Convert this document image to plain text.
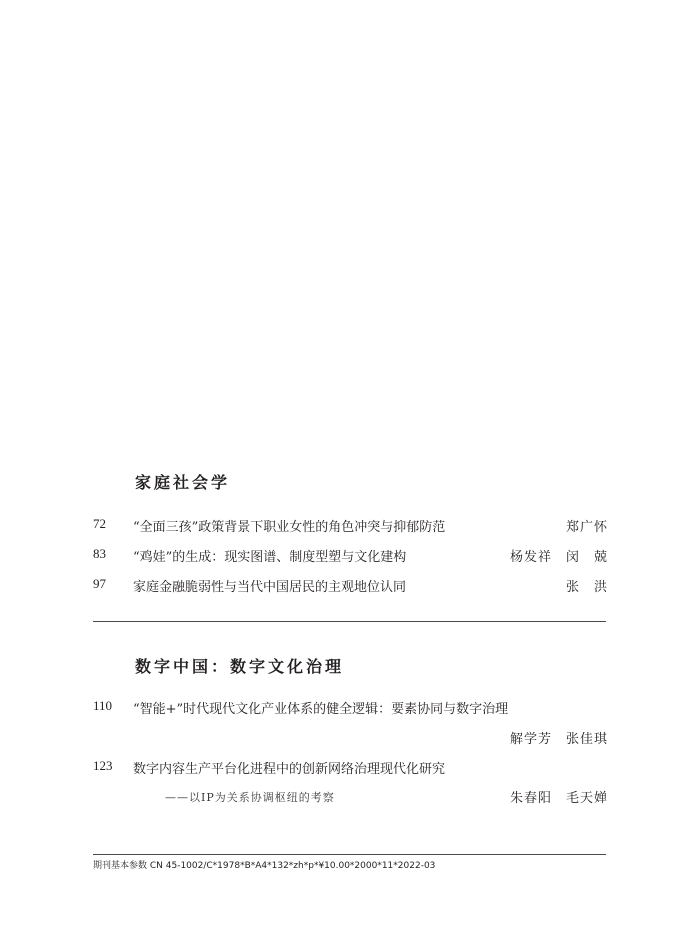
家庭社会学
72 “全面三孩”政策背景下职业女性的角色冲突与抑郁防范	郑广怀
83 “鸡娃”的生成：现实图谱、制度型塑与文化建构	杨发祥 闵　兢
97 家庭金融脆弱性与当代中国居民的主观地位认同	张　洪
数字中国：数字文化治理
110 “智能+”时代现代文化产业体系的健全逻辑：要素协同与数字治理
解学芳 张佳琪
123 数字内容生产平台化进程中的创新网络治理现代化研究
——以IP为关系协调枢纽的考察	朱春阳 毛天婵
期刊基本参数 CN 45-1002/C*1978*B*A4*132*zh*p*¥10.00*2000*11*2022-03
